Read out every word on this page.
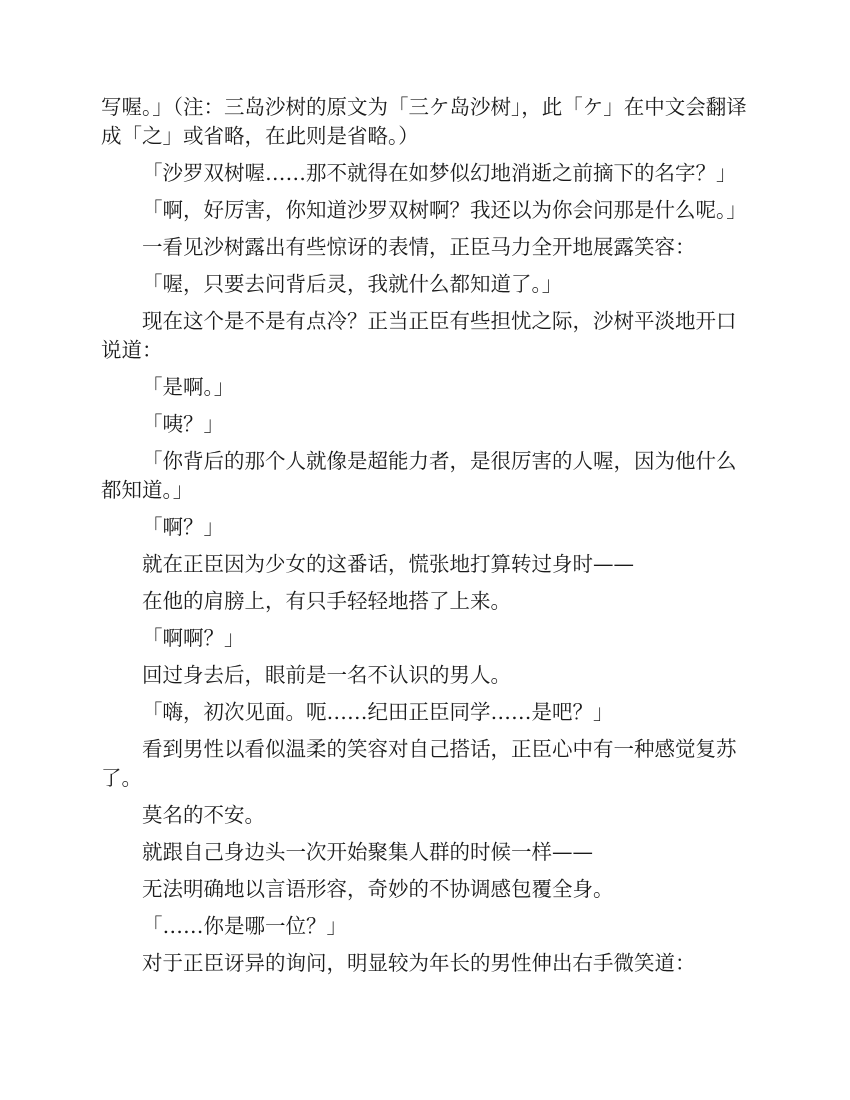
写喔。」（注：三岛沙树的原文为「三ケ岛沙树」，此「ケ」在中文会翻译成「之」或省略，在此则是省略。）

「沙罗双树喔……那不就得在如梦似幻地消逝之前摘下的名字？」

「啊，好厉害，你知道沙罗双树啊？我还以为你会问那是什么呢。」

一看见沙树露出有些惊讶的表情，正臣马力全开地展露笑容：

「喔，只要去问背后灵，我就什么都知道了。」

现在这个是不是有点冷？正当正臣有些担忧之际，沙树平淡地开口说道：

「是啊。」

「咦？」

「你背后的那个人就像是超能力者，是很厉害的人喔，因为他什么都知道。」

「啊？」

就在正臣因为少女的这番话，慌张地打算转过身时——

在他的肩膀上，有只手轻轻地搭了上来。

「啊啊？」

回过身去后，眼前是一名不认识的男人。

「嗨，初次见面。呃……纪田正臣同学……是吧？」

看到男性以看似温柔的笑容对自己搭话，正臣心中有一种感觉复苏了。

莫名的不安。

就跟自己身边头一次开始聚集人群的时候一样——

无法明确地以言语形容，奇妙的不协调感包覆全身。

「……你是哪一位？」

对于正臣讶异的询问，明显较为年长的男性伸出右手微笑道：
